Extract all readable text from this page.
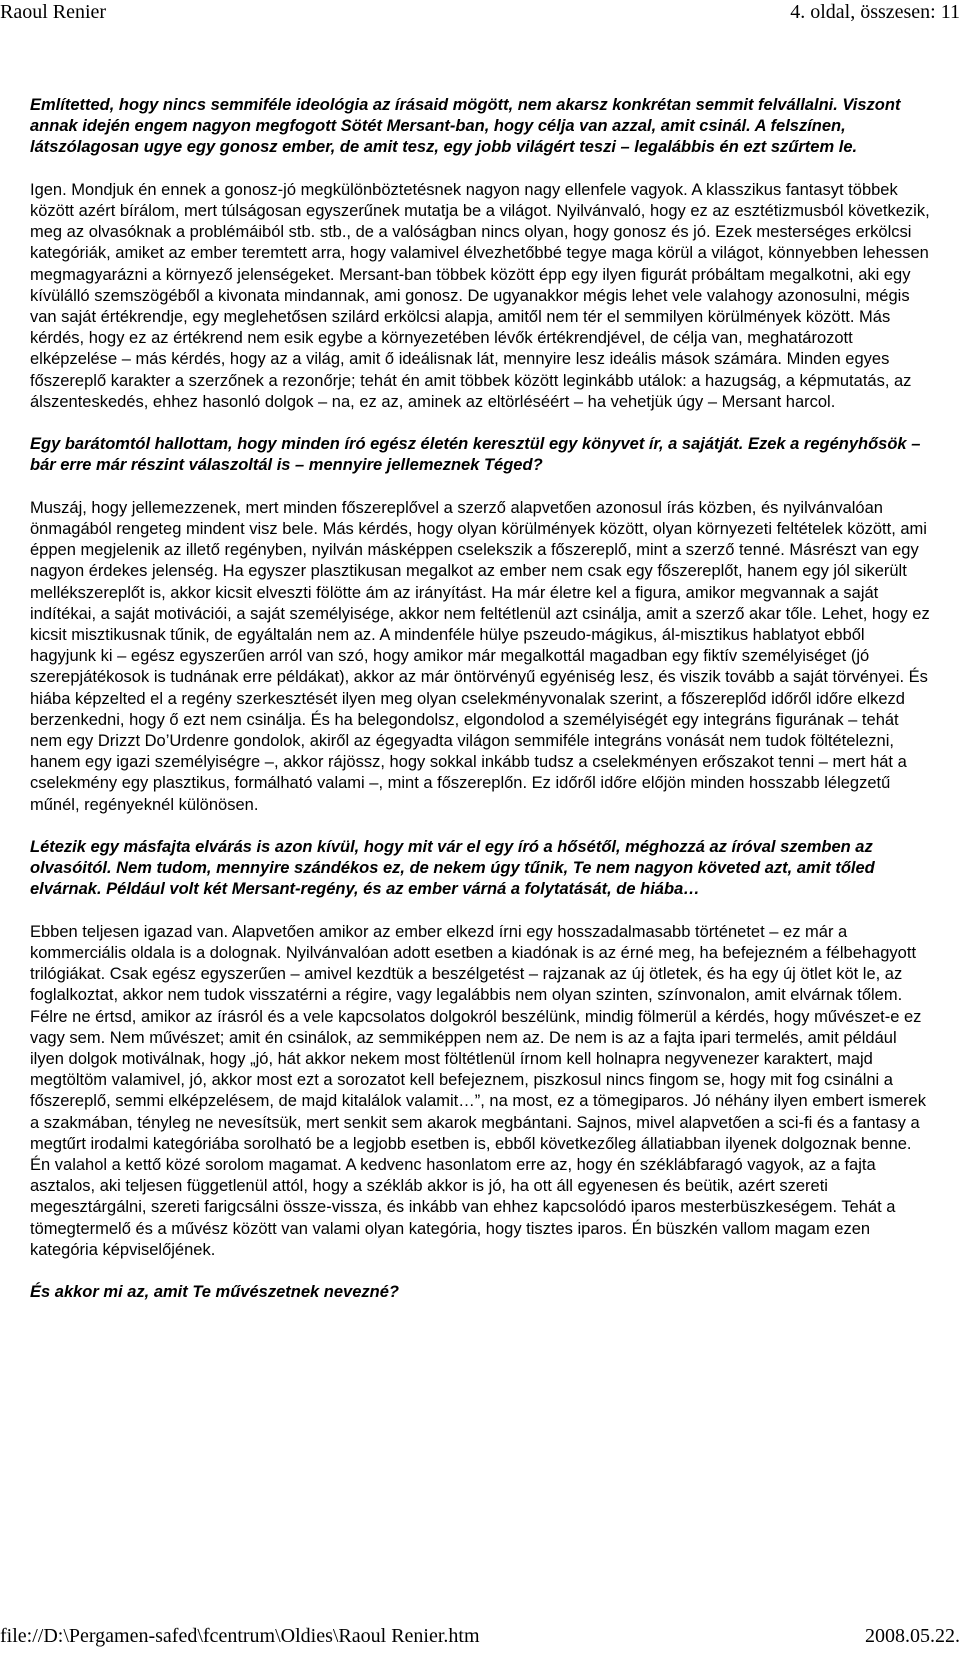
Raoul Renier	4. oldal, összesen: 11

Említetted, hogy nincs semmiféle ideológia az írásaid mögött, nem akarsz konkrétan semmit felvállalni. Viszont annak idején engem nagyon megfogott Sötét Mersant-ban, hogy célja van azzal, amit csinál. A felszínen, látszólagosan ugye egy gonosz ember, de amit tesz, egy jobb világért teszi – legalábbis én ezt szűrtem le.

Igen. Mondjuk én ennek a gonosz-jó megkülönböztetésnek nagyon nagy ellenfele vagyok. A klasszikus fantasyt többek között azért bírálom, mert túlságosan egyszerűnek mutatja be a világot. Nyilvánvaló, hogy ez az esztétizmusból következik, meg az olvasóknak a problémáiból stb. stb., de a valóságban nincs olyan, hogy gonosz és jó. Ezek mesterséges erkölcsi kategóriák, amiket az ember teremtett arra, hogy valamivel élvezhetőbbé tegye maga körül a világot, könnyebben lehessen megmagyarázni a környező jelenségeket. Mersant-ban többek között épp egy ilyen figurát próbáltam megalkotni, aki egy kívülálló szemszögéből a kivonata mindannak, ami gonosz. De ugyanakkor mégis lehet vele valahogy azonosulni, mégis van saját értékrendje, egy meglehetősen szilárd erkölcsi alapja, amitől nem tér el semmilyen körülmények között. Más kérdés, hogy ez az értékrend nem esik egybe a környezetében lévők értékrendjével, de célja van, meghatározott elképzelése – más kérdés, hogy az a világ, amit ő ideálisnak lát, mennyire lesz ideális mások számára. Minden egyes főszereplő karakter a szerzőnek a rezonőrje; tehát én amit többek között leginkább utálok: a hazugság, a képmutatás, az álszenteskedés, ehhez hasonló dolgok – na, ez az, aminek az eltörléséért – ha vehetjük úgy – Mersant harcol.

Egy barátomtól hallottam, hogy minden író egész életén keresztül egy könyvet ír, a sajátját. Ezek a regényhősök – bár erre már részint válaszoltál is – mennyire jellemeznek Téged?

Muszáj, hogy jellemezzenek, mert minden főszereplővel a szerző alapvetően azonosul írás közben, és nyilvánvalóan önmagából rengeteg mindent visz bele. Más kérdés, hogy olyan körülmények között, olyan környezeti feltételek között, ami éppen megjelenik az illető regényben, nyilván másképpen cselekszik a főszereplő, mint a szerző tenné. Másrészt van egy nagyon érdekes jelenség. Ha egyszer plasztikusan megalkot az ember nem csak egy főszereplőt, hanem egy jól sikerült mellékszereplőt is, akkor kicsit elveszti fölötte ám az irányítást. Ha már életre kel a figura, amikor megvannak a saját indítékai, a saját motivációi, a saját személyisége, akkor nem feltétlenül azt csinálja, amit a szerző akar tőle. Lehet, hogy ez kicsit misztikusnak tűnik, de egyáltalán nem az. A mindenféle hülye pszeudo-mágikus, ál-misztikus hablatyot ebből hagyjunk ki – egész egyszerűen arról van szó, hogy amikor már megalkottál magadban egy fiktív személyiséget (jó szerepjátékosok is tudnának erre példákat), akkor az már öntörvényű egyéniség lesz, és viszik tovább a saját törvényei. És hiába képzelted el a regény szerkesztését ilyen meg olyan cselekményvonalak szerint, a főszereplőd időről időre elkezd berzenkedni, hogy ő ezt nem csinálja. És ha belegondolsz, elgondolod a személyiségét egy integráns figurának – tehát nem egy Drizzt Do’Urdenre gondolok, akiről az égegyadta világon semmiféle integráns vonását nem tudok föltételezni, hanem egy igazi személyiségre –, akkor rájössz, hogy sokkal inkább tudsz a cselekményen erőszakot tenni – mert hát a cselekmény egy plasztikus, formálható valami –, mint a főszereplőn. Ez időről időre előjön minden hosszabb lélegzetű műnél, regényeknél különösen.

Létezik egy másfajta elvárás is azon kívül, hogy mit vár el egy író a hősétől, méghozzá az íróval szemben az olvasóitól. Nem tudom, mennyire szándékos ez, de nekem úgy tűnik, Te nem nagyon követed azt, amit tőled elvárnak. Például volt két Mersant-regény, és az ember várná a folytatását, de hiába…

Ebben teljesen igazad van. Alapvetően amikor az ember elkezd írni egy hosszadalmasabb történetet – ez már a kommerciális oldala is a dolognak. Nyilvánvalóan adott esetben a kiadónak is az érné meg, ha befejezném a félbehagyott trilógiákat. Csak egész egyszerűen – amivel kezdtük a beszélgetést – rajzanak az új ötletek, és ha egy új ötlet köt le, az foglalkoztat, akkor nem tudok visszatérni a régire, vagy legalábbis nem olyan szinten, színvonalon, amit elvárnak tőlem. Félre ne értsd, amikor az írásról és a vele kapcsolatos dolgokról beszélünk, mindig fölmerül a kérdés, hogy művészet-e ez vagy sem. Nem művészet; amit én csinálok, az semmiképpen nem az. De nem is az a fajta ipari termelés, amit például ilyen dolgok motiválnak, hogy „jó, hát akkor nekem most föltétlenül írnom kell holnapra negyvenezer karaktert, majd megtöltöm valamivel, jó, akkor most ezt a sorozatot kell befejeznem, piszkosul nincs fingom se, hogy mit fog csinálni a főszereplő, semmi elképzelésem, de majd kitalálok valamit…”, na most, ez a tömegiparos. Jó néhány ilyen embert ismerek a szakmában, tényleg ne nevesítsük, mert senkit sem akarok megbántani. Sajnos, mivel alapvetően a sci-fi és a fantasy a megtűrt irodalmi kategóriába sorolható be a legjobb esetben is, ebből következőleg állatiabban ilyenek dolgoznak benne. Én valahol a kettő közé sorolom magamat. A kedvenc hasonlatom erre az, hogy én széklábfaragó vagyok, az a fajta asztalos, aki teljesen függetlenül attól, hogy a székláb akkor is jó, ha ott áll egyenesen és beütik, azért szereti megesztárgálni, szereti farigcsálni össze-vissza, és inkább van ehhez kapcsolódó iparos mesterbüszkeségem. Tehát a tömegtermelő és a művész között van valami olyan kategória, hogy tisztes iparos. Én büszkén vallom magam ezen kategória képviselőjének.

És akkor mi az, amit Te művészetnek nevezné?

file://D:\Pergamen-safed\fcentrum\Oldies\Raoul Renier.htm	2008.05.22.
